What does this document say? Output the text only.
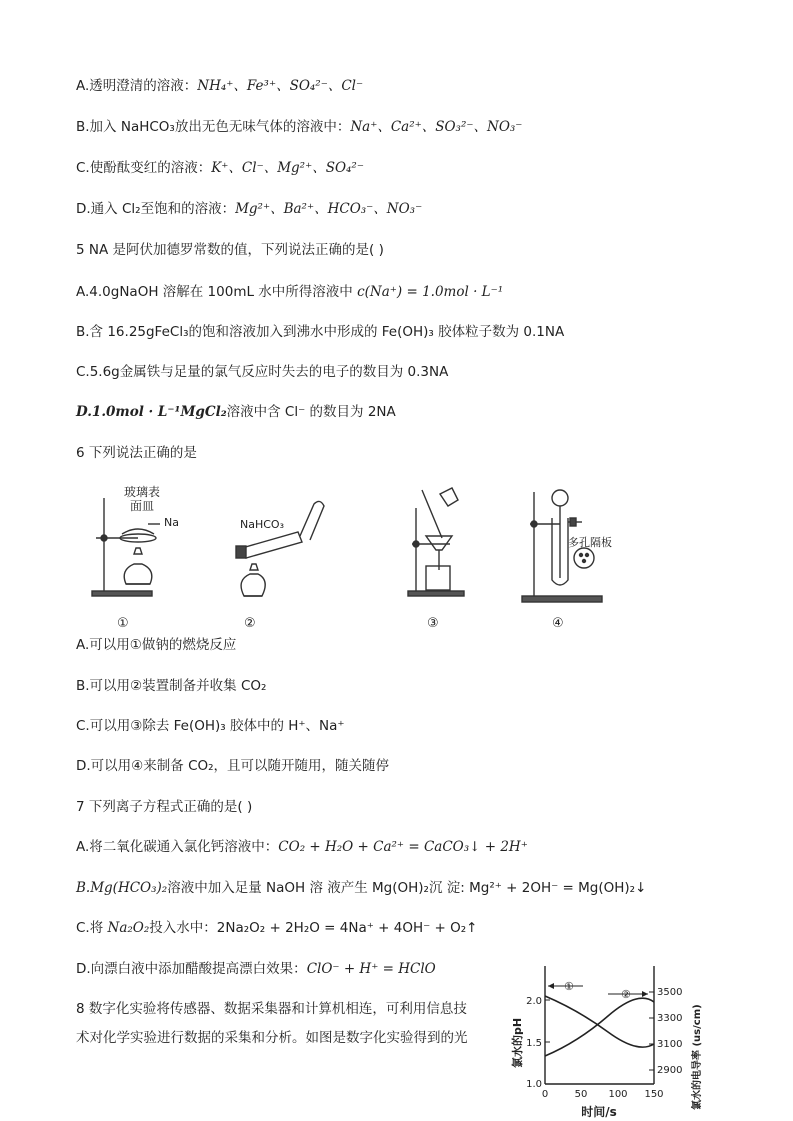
A.透明澄清的溶液：NH₄⁺、Fe³⁺、SO₄²⁻、Cl⁻
B.加入 NaHCO₃放出无色无味气体的溶液中：Na⁺、Ca²⁺、SO₃²⁻、NO₃⁻
C.使酚酞变红的溶液：K⁺、Cl⁻、Mg²⁺、SO₄²⁻
D.通入 Cl₂至饱和的溶液：Mg²⁺、Ba²⁺、HCO₃⁻、NO₃⁻
5 NA 是阿伏加德罗常数的值，下列说法正确的是( )
A.4.0gNaOH 溶解在 100mL 水中所得溶液中 c(Na⁺) = 1.0mol · L⁻¹
B.含 16.25gFeCl₃的饱和溶液加入到沸水中形成的 Fe(OH)₃ 胶体粒子数为 0.1NA
C.5.6g金属铁与足量的氯气反应时失去的电子的数目为 0.3NA
D.1.0mol · L⁻¹MgCl₂溶液中含 Cl⁻ 的数目为 2NA
6 下列说法正确的是
玻璃表
面皿
Na
①
NaHCO₃
②	③
多孔隔板
④
A.可以用①做钠的燃烧反应
B.可以用②装置制备并收集 CO₂
C.可以用③除去 Fe(OH)₃ 胶体中的 H⁺、Na⁺
D.可以用④来制备 CO₂，且可以随开随用，随关随停
7 下列离子方程式正确的是( )
A.将二氧化碳通入氯化钙溶液中：CO₂ + H₂O + Ca²⁺ = CaCO₃↓ + 2H⁺
B.Mg(HCO₃)₂溶液中加入足量 NaOH 溶 液产生 Mg(OH)₂沉 淀: Mg²⁺ + 2OH⁻ = Mg(OH)₂↓
C.将 Na₂O₂投入水中：2Na₂O₂ + 2H₂O = 4Na⁺ + 4OH⁻ + O₂↑
D.向漂白液中添加醋酸提高漂白效果：ClO⁻ + H⁺ = HClO
8 数字化实验将传感器、数据采集器和计算机相连，可利用信息技
术对化学实验进行数据的采集和分析。如图是数字化实验得到的光
2.0
1.5
1.0
3500
3300
3100
2900
0	50 100 150
时间/s
①
②
氯水的pH	氯水的电导率 (us/cm)
